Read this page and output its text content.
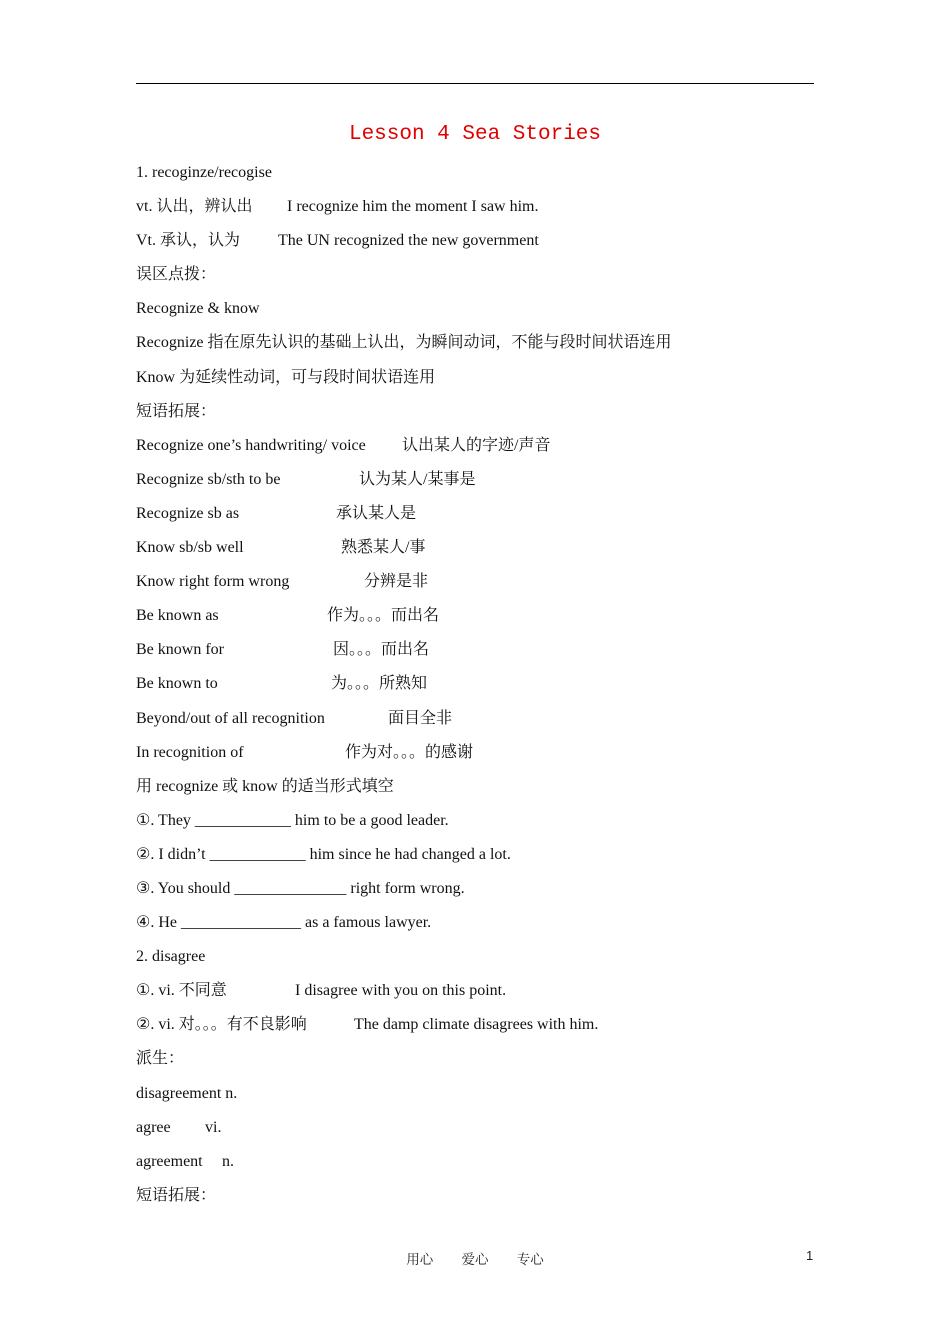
Lesson 4 Sea Stories
1. recoginze/recogise
vt. 认出，辨认出 I recognize him the moment I saw him.
Vt. 承认，认为 The UN recognized the new government
误区点拨：
Recognize & know
Recognize 指在原先认识的基础上认出，为瞬间动词，不能与段时间状语连用
Know 为延续性动词，可与段时间状语连用
短语拓展：
Recognize one’s handwriting/ voice 认出某人的字迹/声音
Recognize sb/sth to be	认为某人/某事是
Recognize sb as	承认某人是
Know sb/sb well	熟悉某人/事
Know right form wrong	分辨是非
Be known as	作为。。。而出名
Be known for	因。。。而出名
Be known to	为。。。所熟知
Beyond/out of all recognition	面目全非
In recognition of	作为对。。。的感谢
用 recognize 或 know 的适当形式填空
①. They ____________ him to be a good leader.
②. I didn’t ____________ him since he had changed a lot.
③. You should ______________ right form wrong.
④. He _______________ as a famous lawyer.
2. disagree
①. vi. 不同意	I disagree with you on this point.
②. vi. 对。。。有不良影响	The damp climate disagrees with him.
派生：
disagreement n.
agree vi.
agreement n.
短语拓展：
用心 爱心 专心	1
